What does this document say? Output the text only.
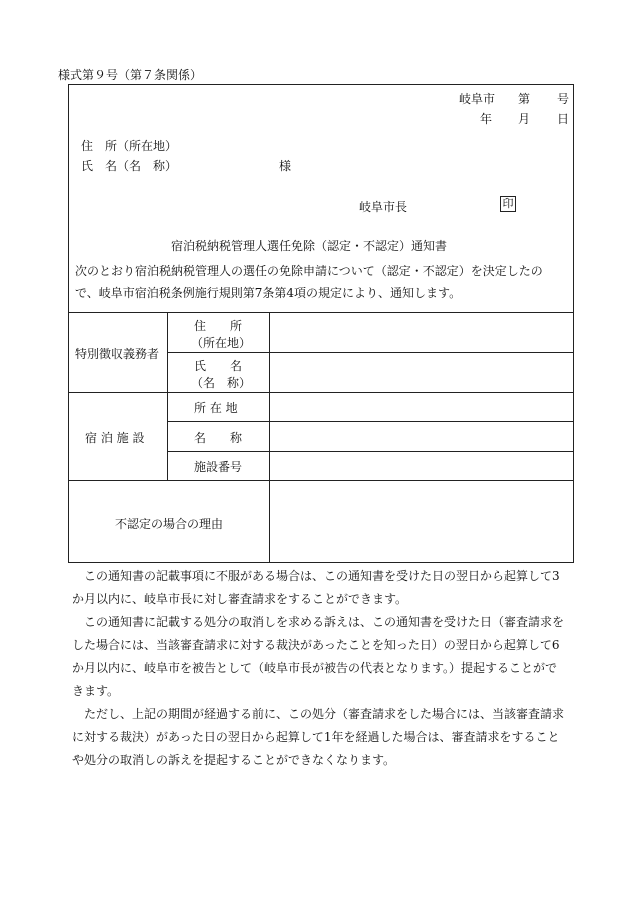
様式第９号（第７条関係）
岐阜市 第 号
年 月 日
住　所（所在地）
氏　名（名　称）	様
岐阜市長
宿泊税納税管理人選任免除（認定・不認定）通知書
次のとおり宿泊税納税管理人の選任の免除申請について（認定・不認定）を決定したの
で、岐阜市宿泊税条例施行規則第7条第4項の規定により、通知します。
特別徴収義務者
住　　所
（所在地）
氏　　名
（名　称）
宿 泊 施 設
所 在 地
名　　称
施設番号
不認定の場合の理由
印

　この通知書の記載事項に不服がある場合は、この通知書を受けた日の翌日から起算して3

か月以内に、岐阜市長に対し審査請求をすることができます。

　この通知書に記載する処分の取消しを求める訴えは、この通知書を受けた日（審査請求を

した場合には、当該審査請求に対する裁決があったことを知った日）の翌日から起算して6

か月以内に、岐阜市を被告として（岐阜市長が被告の代表となります。）提起することがで

きます。

　ただし、上記の期間が経過する前に、この処分（審査請求をした場合には、当該審査請求

に対する裁決）があった日の翌日から起算して1年を経過した場合は、審査請求をすること

や処分の取消しの訴えを提起することができなくなります。
